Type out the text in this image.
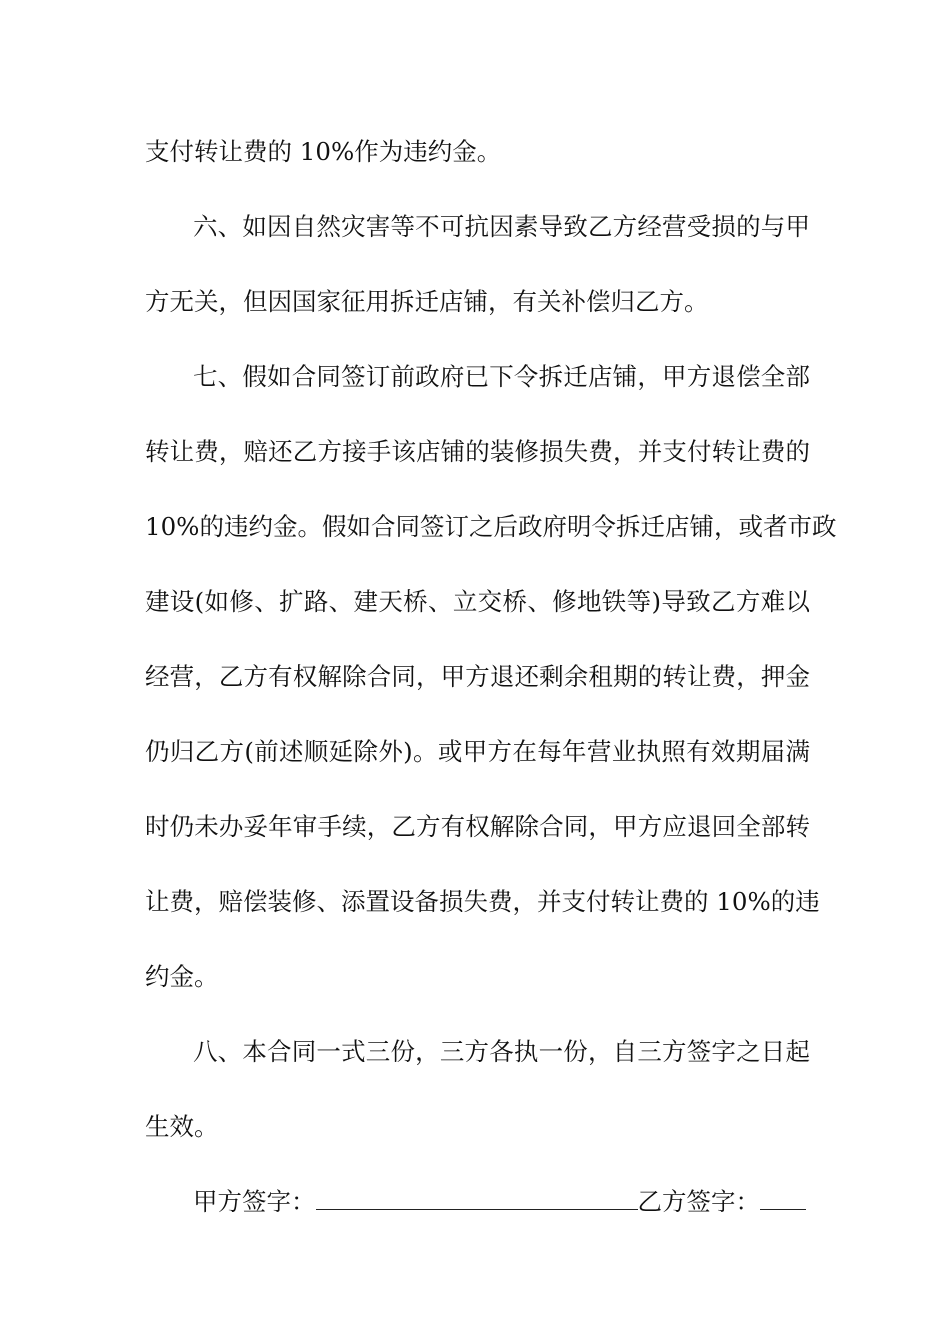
支付转让费的 10%作为违约金。
六、如因自然灾害等不可抗因素导致乙方经营受损的与甲
方无关，但因国家征用拆迁店铺，有关补偿归乙方。
七、假如合同签订前政府已下令拆迁店铺，甲方退偿全部
转让费，赔还乙方接手该店铺的装修损失费，并支付转让费的
10%的违约金。假如合同签订之后政府明令拆迁店铺，或者市政
建设(如修、扩路、建天桥、立交桥、修地铁等)导致乙方难以
经营，乙方有权解除合同，甲方退还剩余租期的转让费，押金
仍归乙方(前述顺延除外)。或甲方在每年营业执照有效期届满
时仍未办妥年审手续，乙方有权解除合同，甲方应退回全部转
让费，赔偿装修、添置设备损失费，并支付转让费的 10%的违
约金。
八、本合同一式三份，三方各执一份，自三方签字之日起
生效。
甲方签字：	乙方签字：
